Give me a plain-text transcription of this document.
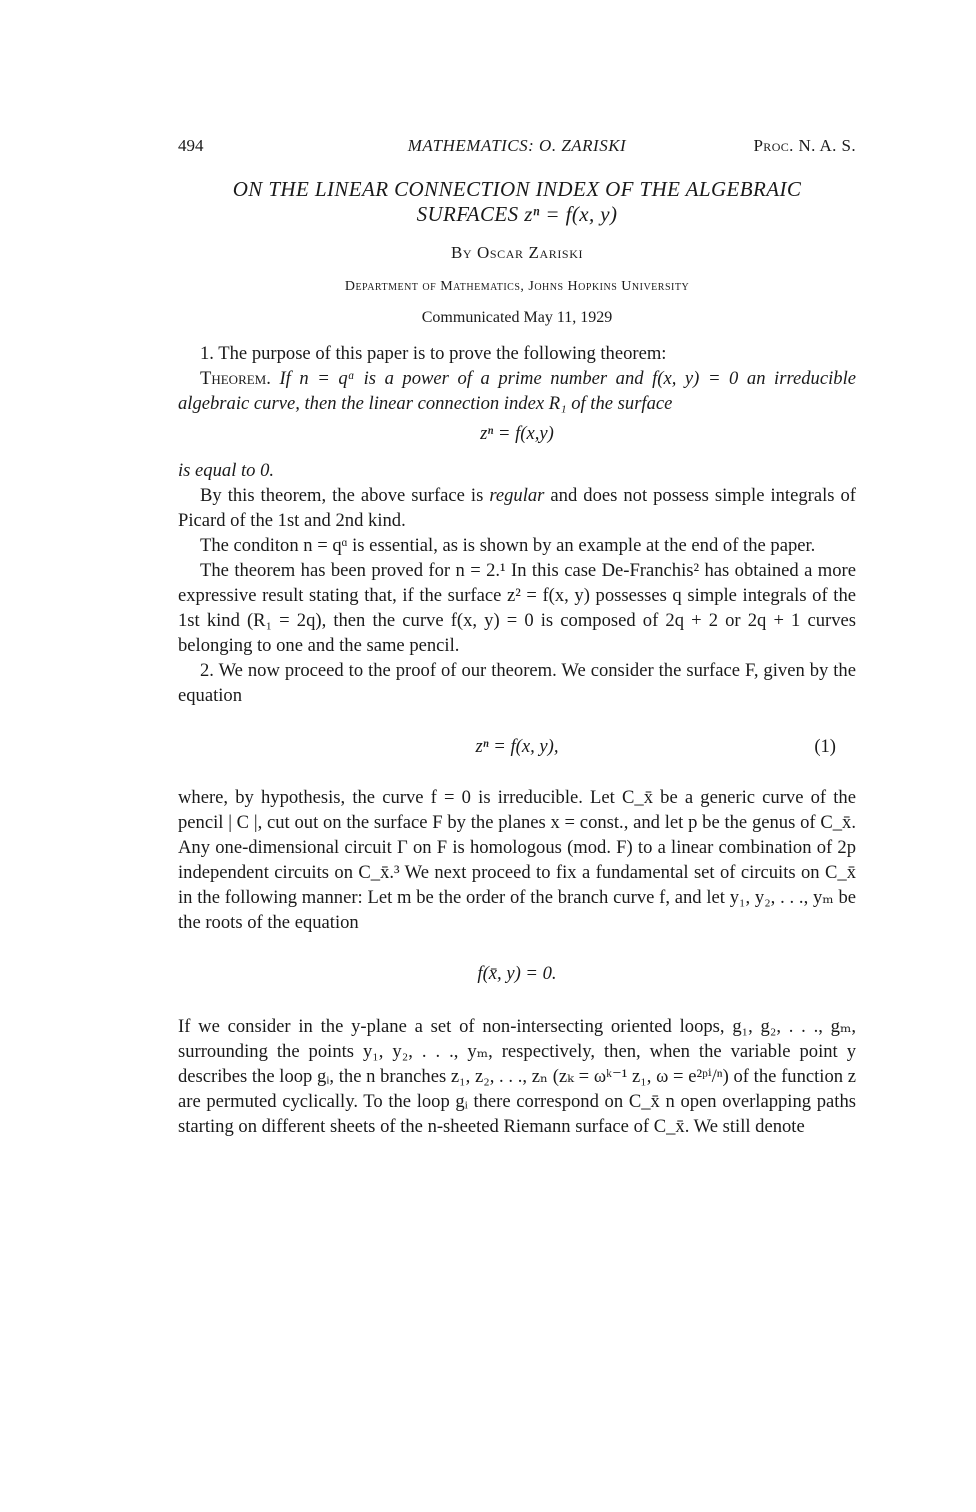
494	MATHEMATICS: O. ZARISKI	Proc. N. A. S.
ON THE LINEAR CONNECTION INDEX OF THE ALGEBRAIC
SURFACES zⁿ = f(x, y)
By Oscar Zariski
Department of Mathematics, Johns Hopkins University
Communicated May 11, 1929

1. The purpose of this paper is to prove the following theorem:

Theorem. If n = qᵅ is a power of a prime number and f(x, y) = 0 an irreducible algebraic curve, then the linear connection index R₁ of the surface

zⁿ = f(x,y)

is equal to 0.

By this theorem, the above surface is regular and does not possess simple integrals of Picard of the 1st and 2nd kind.

The conditon n = qᵅ is essential, as is shown by an example at the end of the paper.

The theorem has been proved for n = 2.¹ In this case De-Franchis² has obtained a more expressive result stating that, if the surface z² = f(x, y) possesses q simple integrals of the 1st kind (R₁ = 2q), then the curve f(x, y) = 0 is composed of 2q + 2 or 2q + 1 curves belonging to one and the same pencil.

2. We now proceed to the proof of our theorem. We consider the surface F, given by the equation

zⁿ = f(x, y),	(1)

where, by hypothesis, the curve f = 0 is irreducible. Let C_x̄ be a generic curve of the pencil | C |, cut out on the surface F by the planes x = const., and let p be the genus of C_x̄. Any one-dimensional circuit Γ on F is homologous (mod. F) to a linear combination of 2p independent circuits on C_x̄.³ We next proceed to fix a fundamental set of circuits on C_x̄ in the following manner: Let m be the order of the branch curve f, and let y₁, y₂, . . ., yₘ be the roots of the equation

f(x̄, y) = 0.

If we consider in the y-plane a set of non-intersecting oriented loops, g₁, g₂, . . ., gₘ, surrounding the points y₁, y₂, . . ., yₘ, respectively, then, when the variable point y describes the loop gᵢ, the n branches z₁, z₂, . . ., zₙ (zₖ = ωᵏ⁻¹ z₁, ω = e²ᵖⁱ/ⁿ) of the function z are permuted cyclically. To the loop gᵢ there correspond on C_x̄ n open overlapping paths starting on different sheets of the n-sheeted Riemann surface of C_x̄. We still denote
